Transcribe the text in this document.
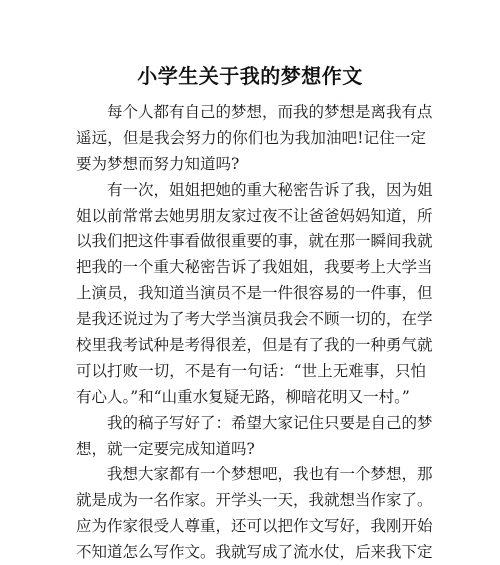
小学生关于我的梦想作文

每个人都有自己的梦想，而我的梦想是离我有点
遥远，但是我会努力的你们也为我加油吧!记住一定
要为梦想而努力知道吗?

有一次，姐姐把她的重大秘密告诉了我，因为姐
姐以前常常去她男朋友家过夜不让爸爸妈妈知道，所
以我们把这件事看做很重要的事，就在那一瞬间我就
把我的一个重大秘密告诉了我姐姐，我要考上大学当
上演员，我知道当演员不是一件很容易的一件事，但
是我还说过为了考大学当演员我会不顾一切的，在学
校里我考试种是考得很差，但是有了我的一种勇气就
可以打败一切，不是有一句话：“世上无难事，只怕
有心人。”和“山重水复疑无路，柳暗花明又一村。”

我的稿子写好了：希望大家记住只要是自己的梦
想，就一定要完成知道吗?

我想大家都有一个梦想吧，我也有一个梦想，那
就是成为一名作家。开学头一天，我就想当作家了。
应为作家很受人尊重，还可以把作文写好，我刚开始
不知道怎么写作文。我就写成了流水仗，后来我下定
